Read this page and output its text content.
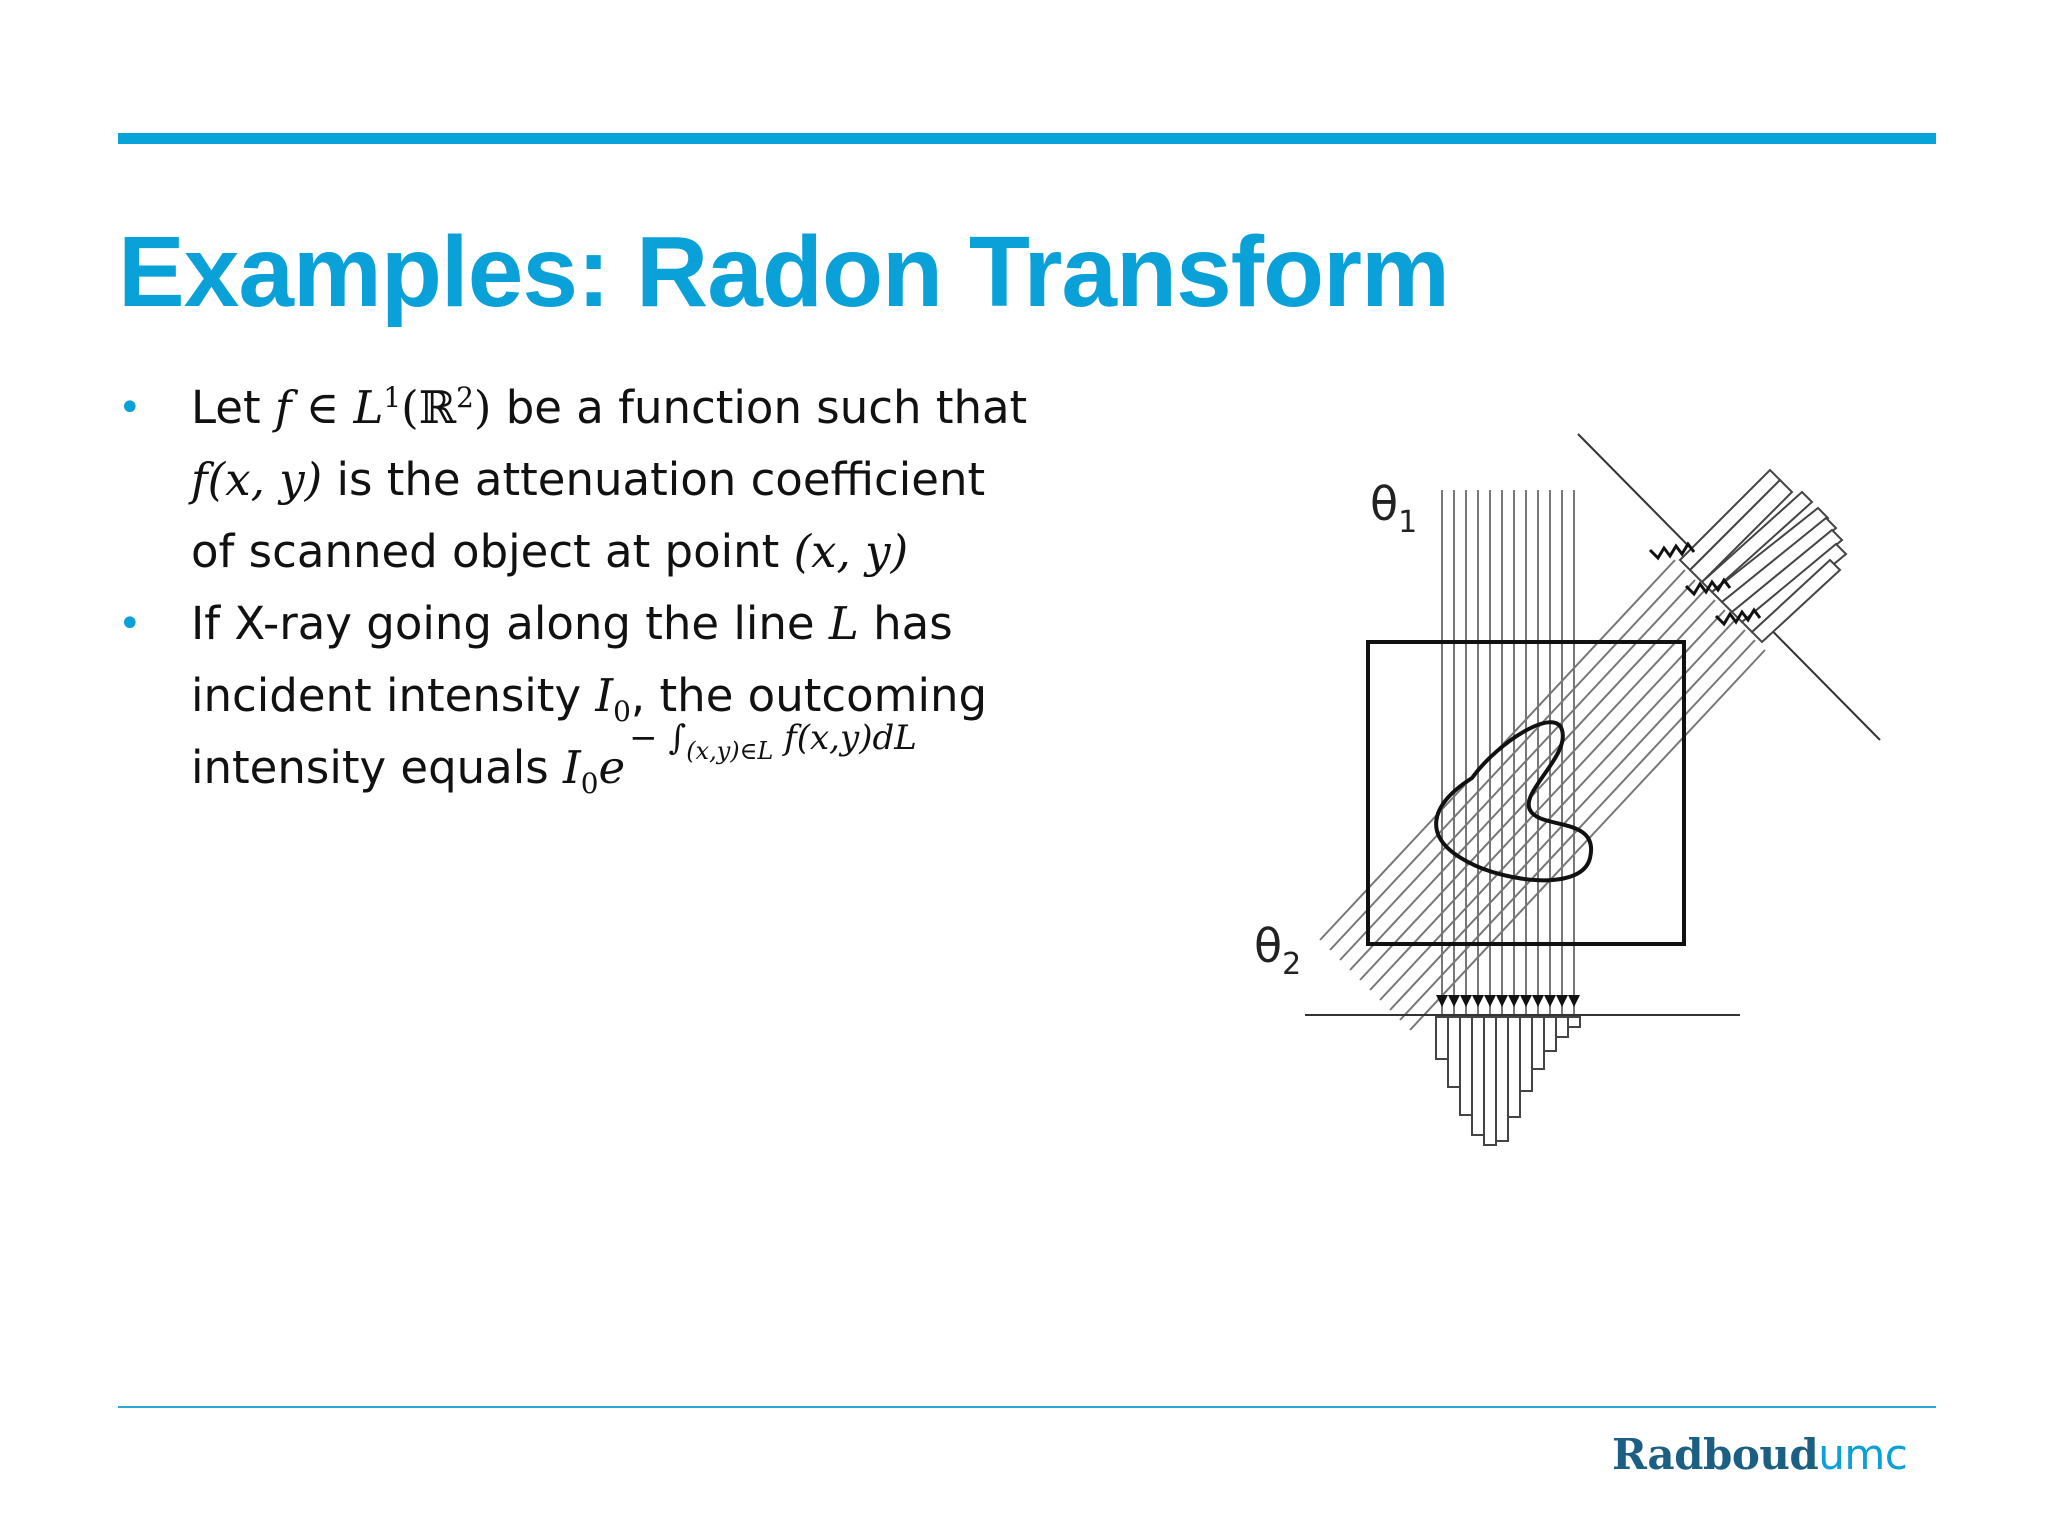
Examples: Radon Transform
• Let f ∈ $L^1(ℝ^2)$ be a function such that f(x, y) is the attenuation coefficient of scanned object at point (x, y)
• If X-ray going along the line L has incident intensity $I_0$, the outcoming intensity equals $I_0e^{- \int_{(x,y)\in L} f(x,y)dL}$
$\theta_1$
$\theta_2$
Radboudumc
